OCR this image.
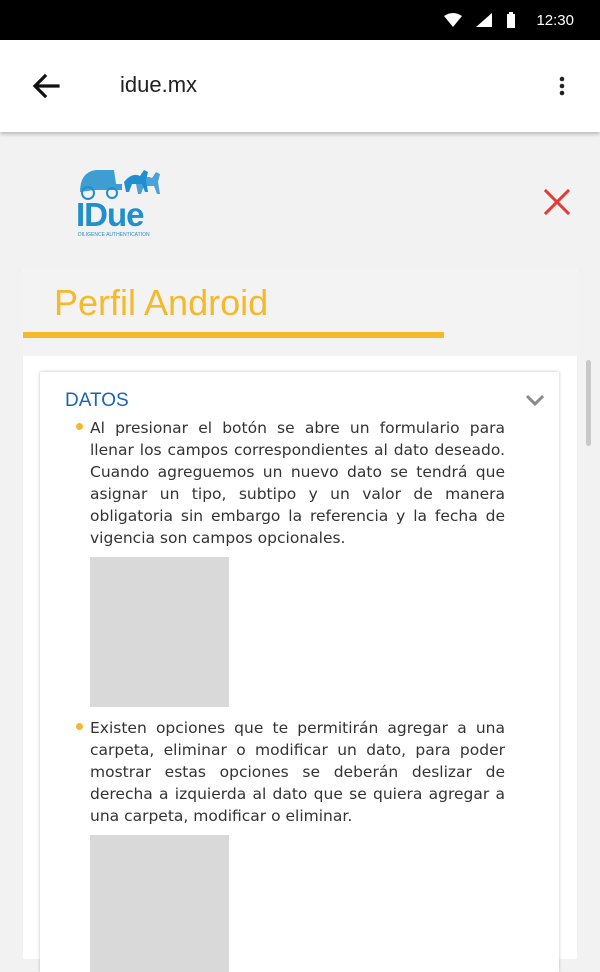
12:30
idue.mx
IDue
DILIGENCE AUTHENTICATION
Perfil Android
DATOS

Al presionar el botón se abre un formulario para llenar los campos correspondientes al dato deseado. Cuando agreguemos un nuevo dato se tendrá que asignar un tipo, subtipo y un valor de manera obligatoria sin embargo la referencia y la fecha de vigencia son campos opcionales.

Existen opciones que te permitirán agregar a una carpeta, eliminar o modificar un dato, para poder mostrar estas opciones se deberán deslizar de derecha a izquierda al dato que se quiera agregar a una carpeta, modificar o eliminar.
